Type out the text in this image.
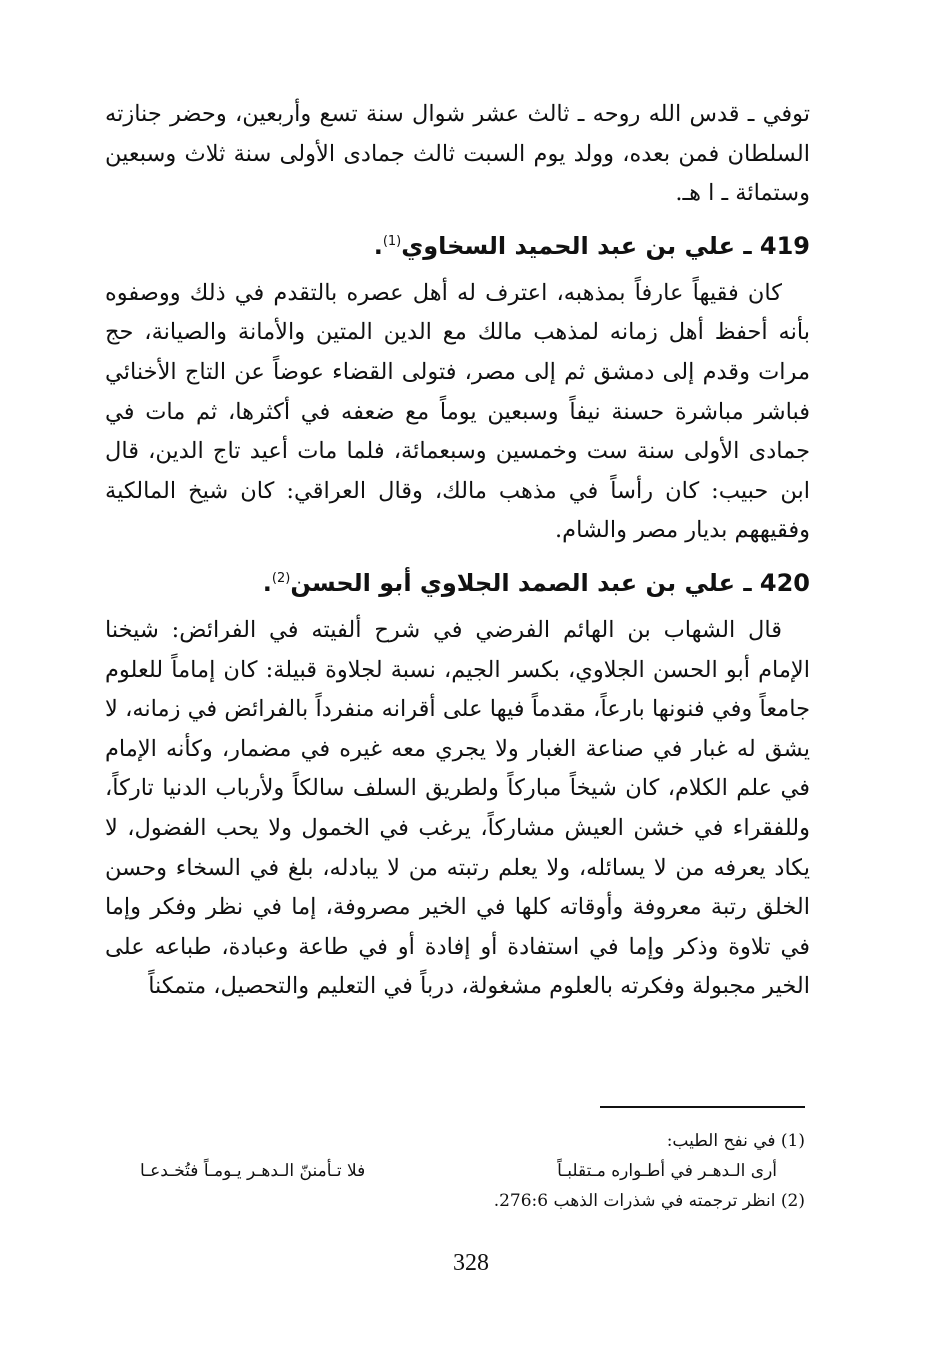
توفي ـ قدس الله روحه ـ ثالث عشر شوال سنة تسع وأربعين، وحضر جنازته السلطان فمن بعده، وولد يوم السبت ثالث جمادى الأولى سنة ثلاث وسبعين وستمائة ـ ا هـ.

419 ـ علي بن عبد الحميد السخاوي$^{(1)}$.

كان فقيهاً عارفاً بمذهبه، اعترف له أهل عصره بالتقدم في ذلك ووصفوه بأنه أحفظ أهل زمانه لمذهب مالك مع الدين المتين والأمانة والصيانة، حج مرات وقدم إلى دمشق ثم إلى مصر، فتولى القضاء عوضاً عن التاج الأخنائي فباشر مباشرة حسنة نيفاً وسبعين يوماً مع ضعفه في أكثرها، ثم مات في جمادى الأولى سنة ست وخمسين وسبعمائة، فلما مات أعيد تاج الدين، قال ابن حبيب: كان رأساً في مذهب مالك، وقال العراقي: كان شيخ المالكية وفقيههم بديار مصر والشام.

420 ـ علي بن عبد الصمد الجلاوي أبو الحسن$^{(2)}$.

قال الشهاب بن الهائم الفرضي في شرح ألفيته في الفرائض: شيخنا الإمام أبو الحسن الجلاوي، بكسر الجيم، نسبة لجلاوة قبيلة: كان إماماً للعلوم جامعاً وفي فنونها بارعاً، مقدماً فيها على أقرانه منفرداً بالفرائض في زمانه، لا يشق له غبار في صناعة الغبار ولا يجري معه غيره في مضمار، وكأنه الإمام في علم الكلام، كان شيخاً مباركاً ولطريق السلف سالكاً ولأرباب الدنيا تاركاً، وللفقراء في خشن العيش مشاركاً، يرغب في الخمول ولا يحب الفضول، لا يكاد يعرفه من لا يسائله، ولا يعلم رتبته من لا يبادله، بلغ في السخاء وحسن الخلق رتبة معروفة وأوقاته كلها في الخير مصروفة، إما في نظر وفكر وإما في تلاوة وذكر وإما في استفادة أو إفادة أو في طاعة وعبادة، طباعه على الخير مجبولة وفكرته بالعلوم مشغولة، درباً في التعليم والتحصيل، متمكناً

(1) في نفح الطيب:
أرى الـدهـر في أطـواره مـتقلبـاً
فلا تـأمننّ الـدهـر يـومـاً فتُخـدعـا
(2) انظر ترجمته في شذرات الذهب 276:6.
328
